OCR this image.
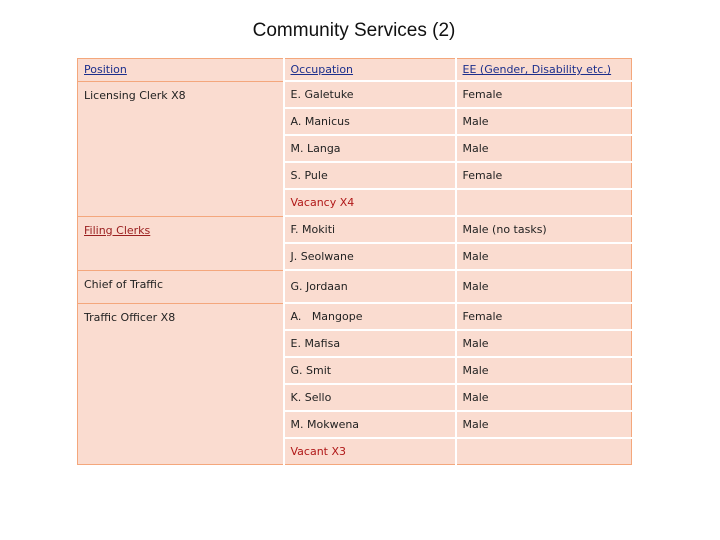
Community Services (2)
Position	Occupation	EE (Gender, Disability etc.)
Licensing Clerk X8	E. Galetuke	Female
	A. Manicus	Male
	M. Langa	Male
	S. Pule	Female
	Vacancy X4	
Filing Clerks	F. Mokiti	Male (no tasks)
	J. Seolwane	Male
Chief of Traffic	G. Jordaan	Male
Traffic Officer X8	A.   Mangope	Female
	E. Mafisa	Male
	G. Smit	Male
	K. Sello	Male
	M. Mokwena	Male
	Vacant X3	
